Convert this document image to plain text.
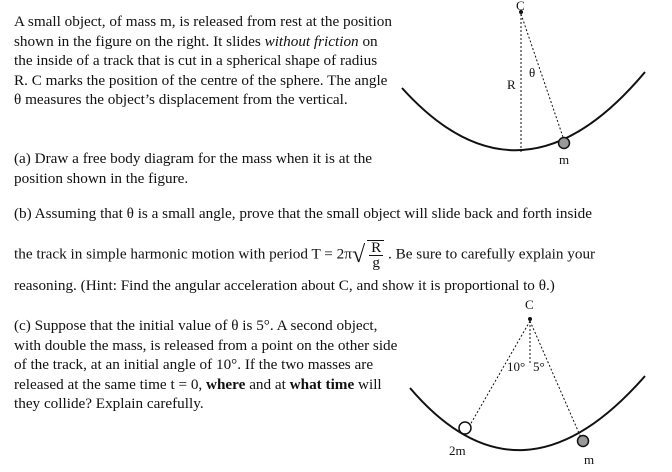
A small object, of mass m, is released from rest at the position shown in the figure on the right. It slides without friction on the inside of a track that is cut in a spherical shape of radius R. C marks the position of the centre of the sphere. The angle θ measures the object’s displacement from the vertical.

(a) Draw a free body diagram for the mass when it is at the position shown in the figure.

(b) Assuming that θ is a small angle, prove that the small object will slide back and forth inside

the track in simple harmonic motion with period $T = 2\pi√ \frac{R}{g}$ . Be sure to carefully explain your

reasoning. (Hint: Find the angular acceleration about C, and show it is proportional to θ.)

(c) Suppose that the initial value of θ is 5°. A second object, with double the mass, is released from a point on the other side of the track, at an initial angle of 10°. If the two masses are released at the same time t = 0, where and at what time will they collide? Explain carefully.

C
R
θ
m
C
10° 5°
2m
m
